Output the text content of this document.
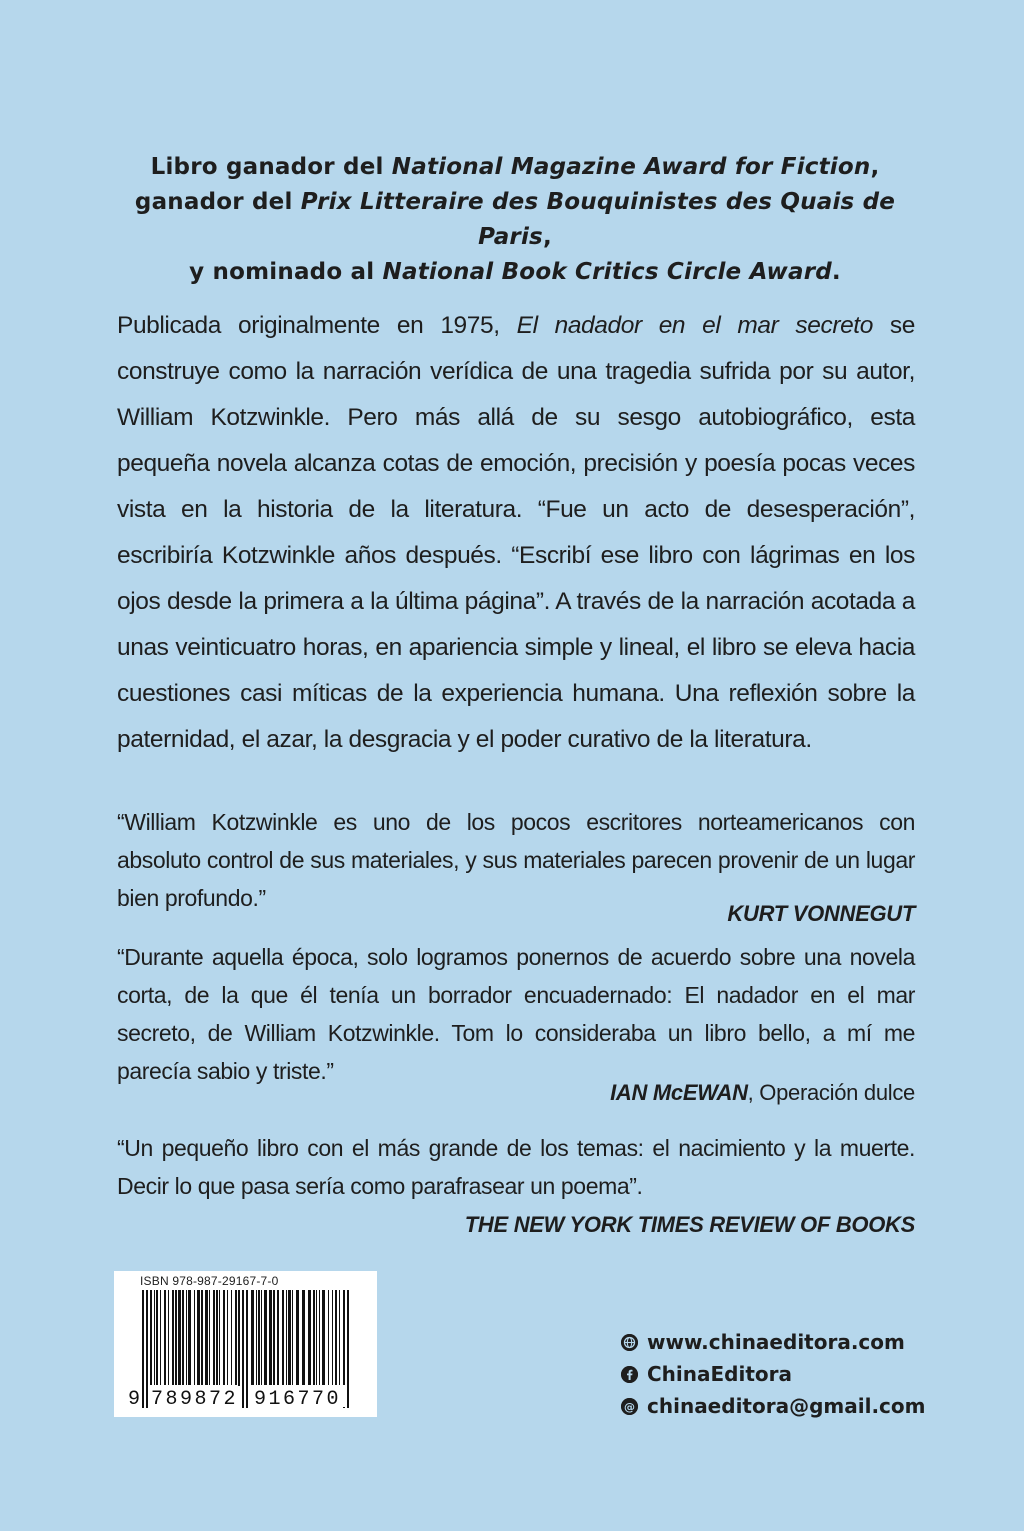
Libro ganador del National Magazine Award for Fiction,
ganador del Prix Litteraire des Bouquinistes des Quais de Paris,
y nominado al National Book Critics Circle Award.

Publicada originalmente en 1975, El nadador en el mar secreto se construye como la narración verídica de una tragedia sufrida por su autor, William Kotzwinkle. Pero más allá de su sesgo autobiográfico, esta pequeña novela alcanza cotas de emoción, precisión y poesía pocas veces vista en la historia de la literatura. “Fue un acto de desesperación”, escribiría Kotzwinkle años después. “Escribí ese libro con lágrimas en los ojos desde la primera a la última página”. A través de la narración acotada a unas veinticuatro horas, en apariencia simple y lineal, el libro se eleva hacia cuestiones casi míticas de la experiencia humana. Una reflexión sobre la paternidad, el azar, la desgracia y el poder curativo de la literatura.

“William Kotzwinkle es uno de los pocos escritores norteamericanos con absoluto control de sus materiales, y sus materiales parecen provenir de un lugar bien profundo.”

KURT VONNEGUT

“Durante aquella época, solo logramos ponernos de acuerdo sobre una novela corta, de la que él tenía un borrador encuadernado: El nadador en el mar secreto, de William Kotzwinkle. Tom lo consideraba un libro bello, a mí me parecía sabio y triste.”

IAN McEWAN, Operación dulce

“Un pequeño libro con el más grande de los temas: el nacimiento y la muerte. Decir lo que pasa sería como parafrasear un poema”.

THE NEW YORK TIMES REVIEW OF BOOKS
ISBN 978-987-29167-7-0
9 789872 916770
www.chinaeditora.com
ChinaEditora
@ chinaeditora@gmail.com
